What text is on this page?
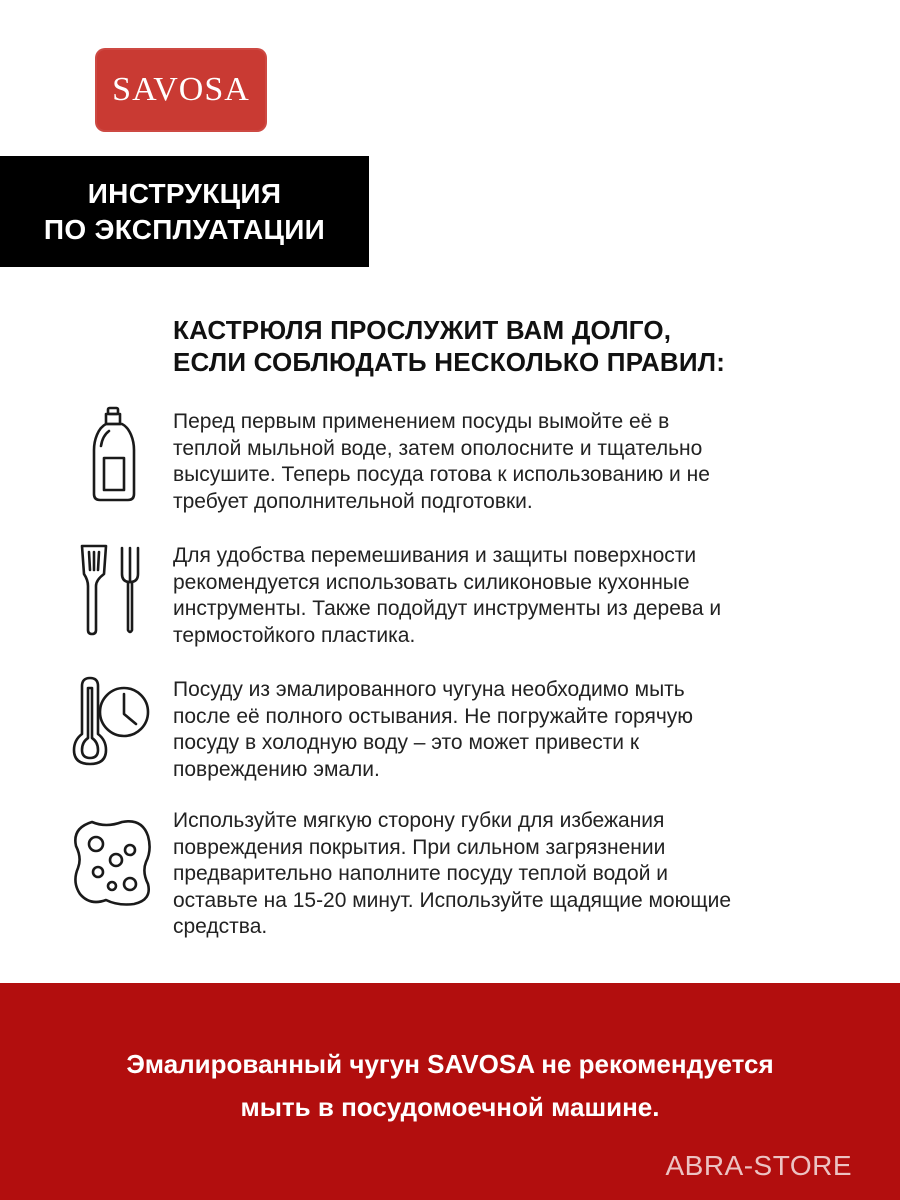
SAVOSA
ИНСТРУКЦИЯ
ПО ЭКСПЛУАТАЦИИ
КАСТРЮЛЯ ПРОСЛУЖИТ ВАМ ДОЛГО,
ЕСЛИ СОБЛЮДАТЬ НЕСКОЛЬКО ПРАВИЛ:
Перед первым применением посуды вымойте её в
теплой мыльной воде, затем ополосните и тщательно
высушите. Теперь посуда готова к использованию и не
требует дополнительной подготовки.
Для удобства перемешивания и защиты поверхности
рекомендуется использовать силиконовые кухонные
инструменты. Также подойдут инструменты из дерева и
термостойкого пластика.
Посуду из эмалированного чугуна необходимо мыть
после её полного остывания. Не погружайте горячую
посуду в холодную воду – это может привести к
повреждению эмали.
Используйте мягкую сторону губки для избежания
повреждения покрытия. При сильном загрязнении
предварительно наполните посуду теплой водой и
оставьте на 15-20 минут. Используйте щадящие моющие
средства.
Эмалированный чугун SAVOSA не рекомендуется
мыть в посудомоечной машине.
ABRA-STORE
